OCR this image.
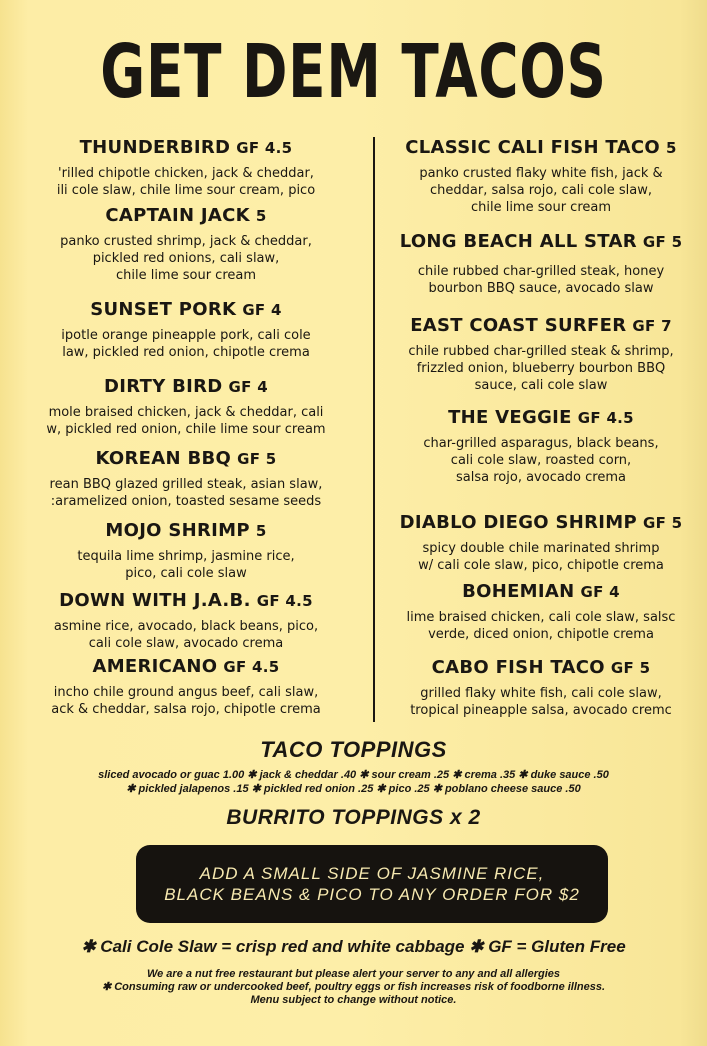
GET DEM TACOS
THUNDERBIRD GF 4.5
'rilled chipotle chicken, jack & cheddar,
ili cole slaw, chile lime sour cream, pico
CAPTAIN JACK 5
panko crusted shrimp, jack & cheddar,
pickled red onions, cali slaw,
chile lime sour cream
SUNSET PORK GF 4
ipotle orange pineapple pork, cali cole
law, pickled red onion, chipotle crema
DIRTY BIRD GF 4
mole braised chicken, jack & cheddar, cali
w, pickled red onion, chile lime sour cream
KOREAN BBQ GF 5
rean BBQ glazed grilled steak, asian slaw,
:aramelized onion, toasted sesame seeds
MOJO SHRIMP 5
tequila lime shrimp, jasmine rice,
pico, cali cole slaw
DOWN WITH J.A.B. GF 4.5
asmine rice, avocado, black beans, pico,
cali cole slaw, avocado crema
AMERICANO GF 4.5
incho chile ground angus beef, cali slaw,
ack & cheddar, salsa rojo, chipotle crema
CLASSIC CALI FISH TACO 5
panko crusted flaky white fish, jack &
cheddar, salsa rojo, cali cole slaw,
chile lime sour cream
LONG BEACH ALL STAR GF 5
chile rubbed char-grilled steak, honey
bourbon BBQ sauce, avocado slaw
EAST COAST SURFER GF 7
chile rubbed char-grilled steak & shrimp,
frizzled onion, blueberry bourbon BBQ
sauce, cali cole slaw
THE VEGGIE GF 4.5
char-grilled asparagus, black beans,
cali cole slaw, roasted corn,
salsa rojo, avocado crema
DIABLO DIEGO SHRIMP GF 5
spicy double chile marinated shrimp
w/ cali cole slaw, pico, chipotle crema
BOHEMIAN GF 4
lime braised chicken, cali cole slaw, salsc
verde, diced onion, chipotle crema
CABO FISH TACO GF 5
grilled flaky white fish, cali cole slaw,
tropical pineapple salsa, avocado cremc
TACO TOPPINGS
sliced avocado or guac 1.00 ✱ jack & cheddar .40 ✱ sour cream .25 ✱ crema .35 ✱ duke sauce .50
✱ pickled jalapenos .15 ✱ pickled red onion .25 ✱ pico .25 ✱ poblano cheese sauce .50
BURRITO TOPPINGS x 2
ADD A SMALL SIDE OF JASMINE RICE,
BLACK BEANS & PICO TO ANY ORDER FOR $2
✱ Cali Cole Slaw = crisp red and white cabbage ✱ GF = Gluten Free
We are a nut free restaurant but please alert your server to any and all allergies
✱ Consuming raw or undercooked beef, poultry eggs or fish increases risk of foodborne illness.
Menu subject to change without notice.
